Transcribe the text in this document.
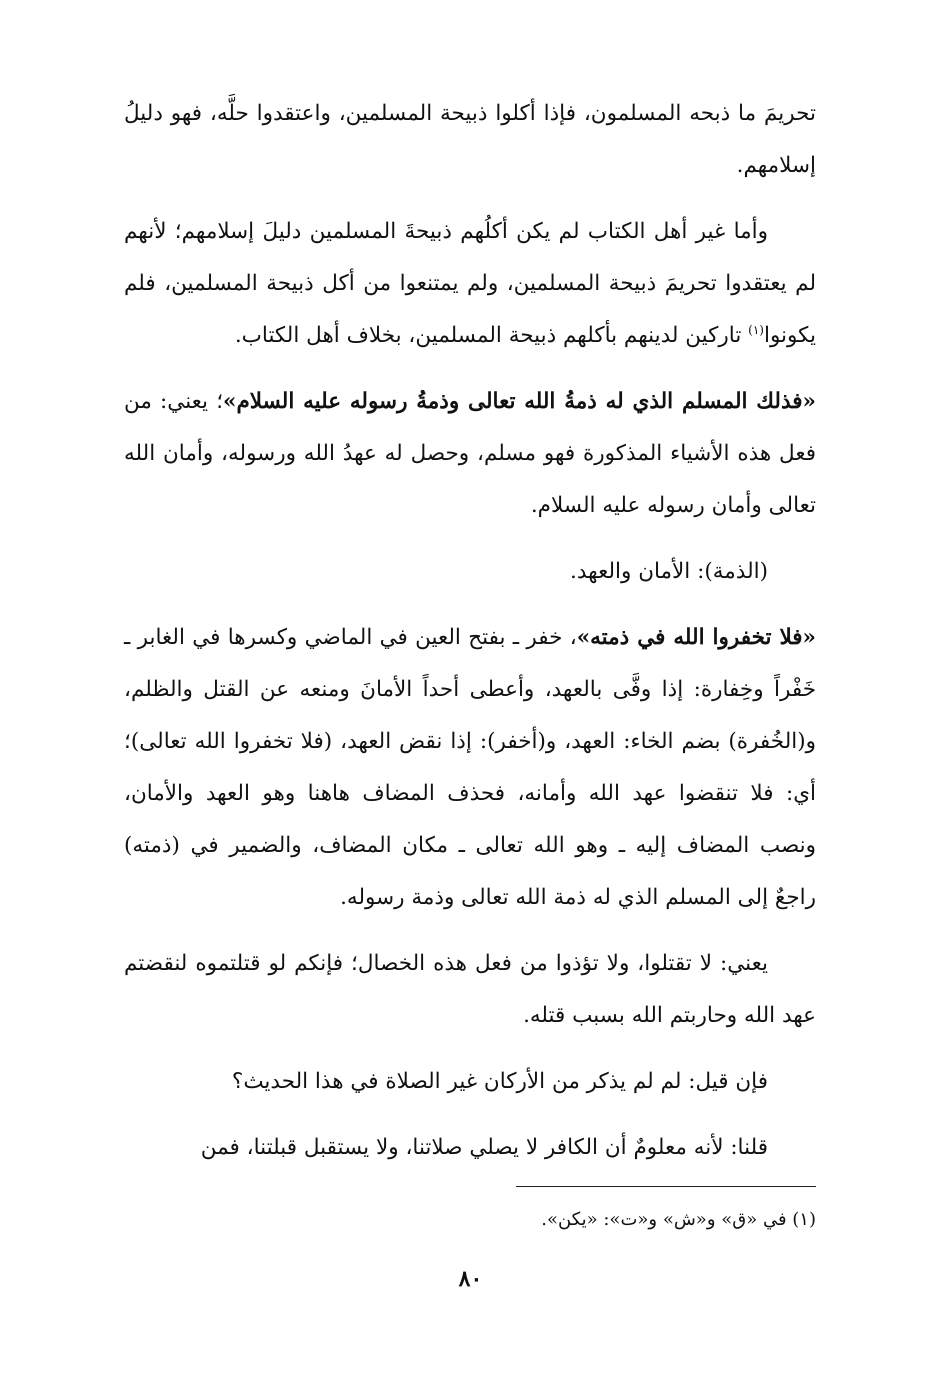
تحريمَ ما ذبحه المسلمون، فإذا أكلوا ذبيحة المسلمين، واعتقدوا حلَّه، فهو دليلُ إسلامهم.

وأما غير أهل الكتاب لم يكن أكلُهم ذبيحةَ المسلمين دليلَ إسلامهم؛ لأنهم لم يعتقدوا تحريمَ ذبيحة المسلمين، ولم يمتنعوا من أكل ذبيحة المسلمين، فلم يكونوا$^{(١)}$ تاركين لدينهم بأكلهم ذبيحة المسلمين، بخلاف أهل الكتاب.

«فذلك المسلم الذي له ذمةُ الله تعالى وذمةُ رسوله عليه السلام»؛ يعني: من فعل هذه الأشياء المذكورة فهو مسلم، وحصل له عهدُ الله ورسوله، وأمان الله تعالى وأمان رسوله عليه السلام.

(الذمة): الأمان والعهد.

«فلا تخفروا الله في ذمته»، خفر ـ بفتح العين في الماضي وكسرها في الغابر ـ خَفْراً وخِفارة: إذا وفَّى بالعهد، وأعطى أحداً الأمانَ ومنعه عن القتل والظلم، و(الخُفرة) بضم الخاء: العهد، و(أخفر): إذا نقض العهد، (فلا تخفروا الله تعالى)؛ أي: فلا تنقضوا عهد الله وأمانه، فحذف المضاف هاهنا وهو العهد والأمان، ونصب المضاف إليه ـ وهو الله تعالى ـ مكان المضاف، والضمير في (ذمته) راجعٌ إلى المسلم الذي له ذمة الله تعالى وذمة رسوله.

يعني: لا تقتلوا، ولا تؤذوا من فعل هذه الخصال؛ فإنكم لو قتلتموه لنقضتم عهد الله وحاربتم الله بسبب قتله.

فإن قيل: لم لم يذكر من الأركان غير الصلاة في هذا الحديث؟

قلنا: لأنه معلومٌ أن الكافر لا يصلي صلاتنا، ولا يستقبل قبلتنا، فمن

(١) في «ق» و«ش» و«ت»: «يكن».
٨٠
